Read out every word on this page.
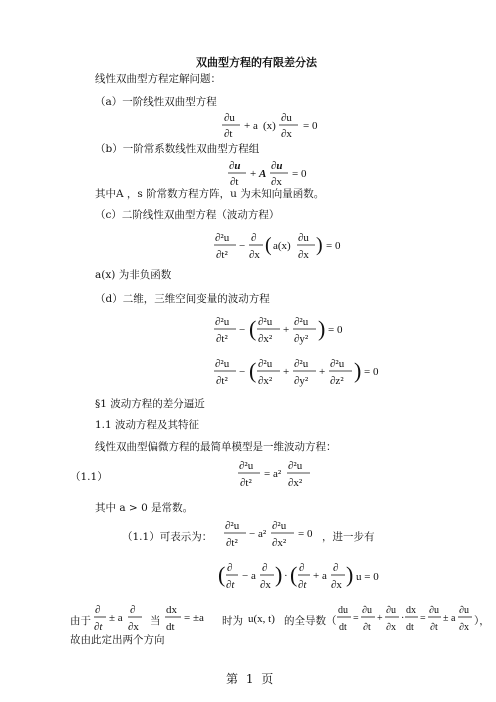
双曲型方程的有限差分法
线性双曲型方程定解问题：
（a）一阶线性双曲型方程
∂u
∂t
+ a (x)
∂u
∂x
= 0
（b）一阶常系数线性双曲型方程组
∂u
∂t
+ A
∂u
∂x
= 0
其中A ，s 阶常数方程方阵，u 为未知向量函数。
（c）二阶线性双曲型方程（波动方程）
∂²u
∂t²
−
∂
∂x ( a(x)
∂u
∂x ) = 0
a(x) 为非负函数
（d）二维，三维空间变量的波动方程
∂²u
∂t²
− ( ∂²u
∂x²
+
∂²u
∂y² ) = 0
∂²u
∂t²
− ( ∂²u
∂x²
+
∂²u
∂y²
+
∂²u
∂z² ) = 0
§1 波动方程的差分逼近
1.1 波动方程及其特征
线性双曲型偏微方程的最简单模型是一维波动方程：
（1.1）
∂²u
∂t²
= a²
∂²u
∂x²
其中 a > 0 是常数。
（1.1）可表示为：
∂²u
∂t²
− a²
∂²u
∂x²
= 0 ，进一步有
( ∂
∂t
− a
∂
∂x ) · ( ∂
∂t
+ a
∂
∂x ) u = 0
由于
∂
∂t
± a
∂
∂x 当
dx
dt
= ±a 时为 u(x, t) 的全导数（
du
dt
=
∂u
∂t
+
∂u
∂x
·
dx
dt
=
∂u
∂t
± a
∂u
∂x
），
故由此定出两个方向
第 1 页
